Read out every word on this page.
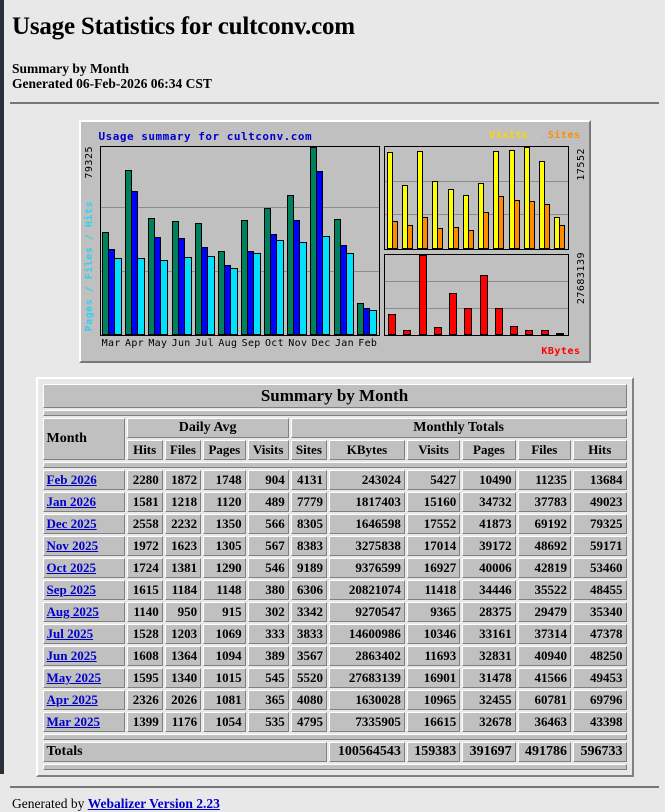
Usage Statistics for cultconv.com
Summary by Month
Generated 06-Feb-2026 06:34 CST
Usage summary for cultconv.com	Visits / Sites
KBytes
79325
Pages / Files / Hits
17552
27683139
Mar Apr May Jun Jul Aug Sep Oct Nov Dec Jan Feb
Summary by Month										

Month	Daily Avg				Monthly Totals					
	Hits	Files	Pages	Visits	Sites	KBytes	Visits	Pages	Files	Hits

Feb 2026	2280	1872	1748	904	4131	243024	5427	10490	11235	13684
Jan 2026	1581	1218	1120	489	7779	1817403	15160	34732	37783	49023
Dec 2025	2558	2232	1350	566	8305	1646598	17552	41873	69192	79325
Nov 2025	1972	1623	1305	567	8383	3275838	17014	39172	48692	59171
Oct 2025	1724	1381	1290	546	9189	9376599	16927	40006	42819	53460
Sep 2025	1615	1184	1148	380	6306	20821074	11418	34446	35522	48455
Aug 2025	1140	950	915	302	3342	9270547	9365	28375	29479	35340
Jul 2025	1528	1203	1069	333	3833	14600986	10346	33161	37314	47378
Jun 2025	1608	1364	1094	389	3567	2863402	11693	32831	40940	48250
May 2025	1595	1340	1015	545	5520	27683139	16901	31478	41566	49453
Apr 2025	2326	2026	1081	365	4080	1630028	10965	32455	60781	69796
Mar 2025	1399	1176	1054	535	4795	7335905	16615	32678	36463	43398

Totals						100564543	159383	391697	491786	596733

Generated by Webalizer Version 2.23
